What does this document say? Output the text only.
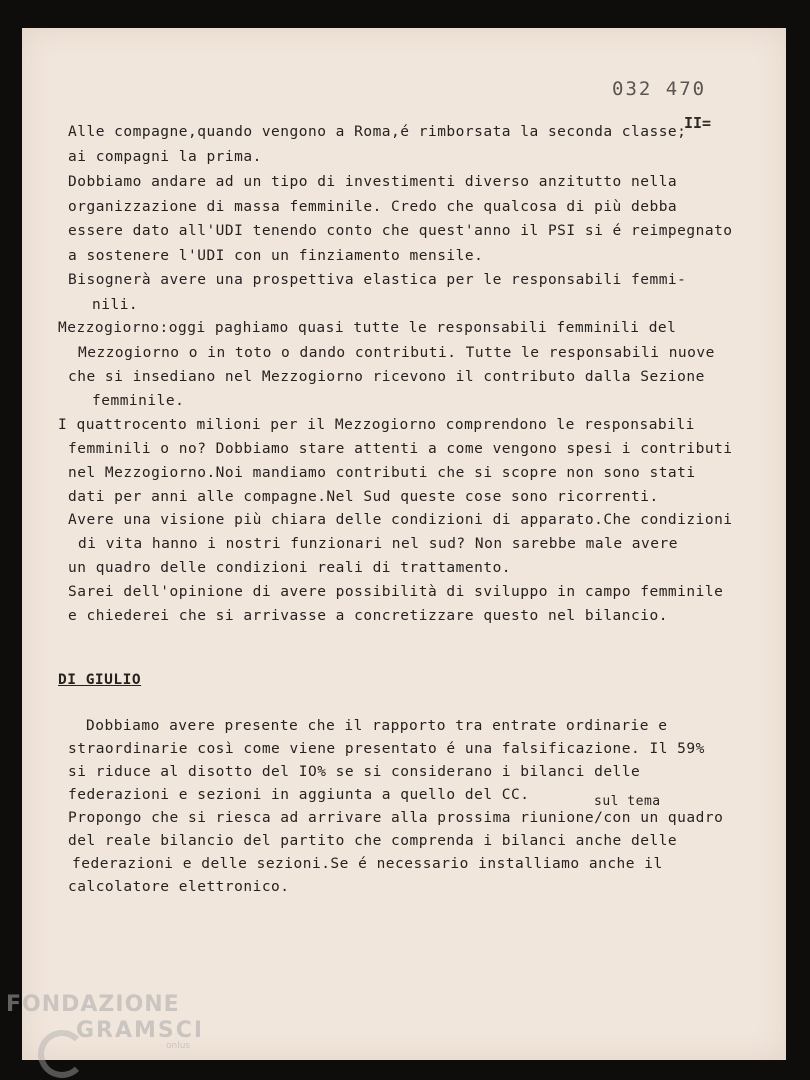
032 470

II=

Alle compagne,quando vengono a Roma,é rimborsata la seconda classe;

ai compagni la prima.

Dobbiamo andare ad un tipo di investimenti diverso anzitutto nella

organizzazione di massa femminile. Credo che qualcosa di più debba

essere dato all'UDI tenendo conto che quest'anno il PSI si é reimpegnato

a sostenere l'UDI con un finziamento mensile.

Bisognerà avere una prospettiva elastica per le responsabili femmi-

nili.

Mezzogiorno:oggi paghiamo quasi tutte le responsabili femminili del

Mezzogiorno o in toto o dando contributi. Tutte le responsabili nuove

che si insediano nel Mezzogiorno ricevono il contributo dalla Sezione

femminile.

I quattrocento milioni per il Mezzogiorno comprendono le responsabili

femminili o no? Dobbiamo stare attenti a come vengono spesi i contributi

nel Mezzogiorno.Noi mandiamo contributi che si scopre non sono stati

dati per anni alle compagne.Nel Sud queste cose sono ricorrenti.

Avere una visione più chiara delle condizioni di apparato.Che condizioni

di vita hanno i nostri funzionari nel sud? Non sarebbe male avere

un quadro delle condizioni reali di trattamento.

Sarei dell'opinione di avere possibilità di sviluppo in campo femminile

e chiederei che si arrivasse a concretizzare questo nel bilancio.

DI GIULIO

Dobbiamo avere presente che il rapporto tra entrate ordinarie e

straordinarie così come viene presentato é una falsificazione. Il 59%

si riduce al disotto del IO% se si considerano i bilanci delle

federazioni e sezioni in aggiunta a quello del CC.	sul tema

Propongo che si riesca ad arrivare alla prossima riunione/con un quadro

del reale bilancio del partito che comprenda i bilanci anche delle

federazioni e delle sezioni.Se é necessario installiamo anche il

calcolatore elettronico.

FONDAZIONE
GRAMSCI
onlus
